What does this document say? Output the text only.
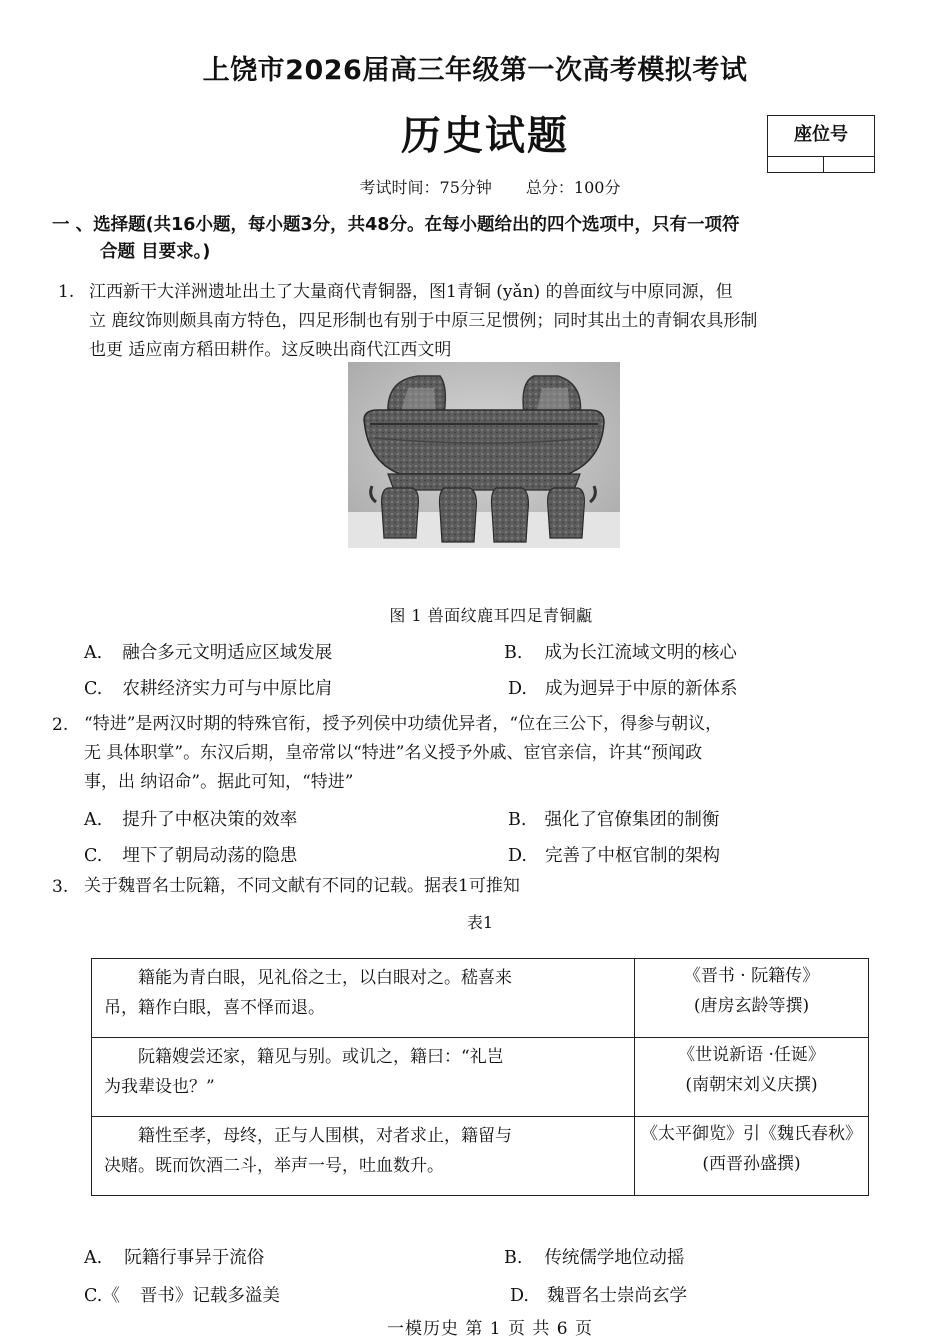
上饶市2026届高三年级第一次高考模拟考试
历史试题	座位号
考试时间：75分钟 总分：100分
一 、选择题(共16小题，每小题3分，共48分。在每小题给出的四个选项中，只有一项符
合题 目要求。)
1. 江西新干大洋洲遗址出土了大量商代青铜器，图1青铜 (yǎn) 的兽面纹与中原同源，但
立 鹿纹饰则颇具南方特色，四足形制也有别于中原三足惯例；同时其出土的青铜农具形制
也更 适应南方稻田耕作。这反映出商代江西文明
图 1 兽面纹鹿耳四足青铜甗
A. 融合多元文明适应区域发展	B. 成为长江流域文明的核心
C. 农耕经济实力可与中原比肩	D. 成为迥异于中原的新体系
2. “特进”是两汉时期的特殊官衔，授予列侯中功绩优异者，“位在三公下，得参与朝议，
无 具体职掌”。东汉后期，皇帝常以“特进”名义授予外戚、宦官亲信，许其“预闻政
事，出 纳诏命”。据此可知，“特进”
A. 提升了中枢决策的效率	B. 强化了官僚集团的制衡
C. 埋下了朝局动荡的隐患	D. 完善了中枢官制的架构
3. 关于魏晋名士阮籍，不同文献有不同的记载。据表1可推知
表1
籍能为青白眼，见礼俗之士，以白眼对之。嵇喜来
吊，籍作白眼，喜不怿而退。	《晋书 · 阮籍传》
(唐房玄龄等撰)
阮籍嫂尝还家，籍见与别。或讥之，籍曰：“礼岂
为我辈设也？”	《世说新语 ·任诞》
(南朝宋刘义庆撰)
籍性至孝，母终，正与人围棋，对者求止，籍留与
决赌。既而饮酒二斗，举声一号，吐血数升。	《太平御览》引《魏氏春秋》
(西晋孙盛撰)
A. 阮籍行事异于流俗	B. 传统儒学地位动摇
C.《 晋书》记载多溢美	D. 魏晋名士崇尚玄学
一模历史 第 1 页 共 6 页
